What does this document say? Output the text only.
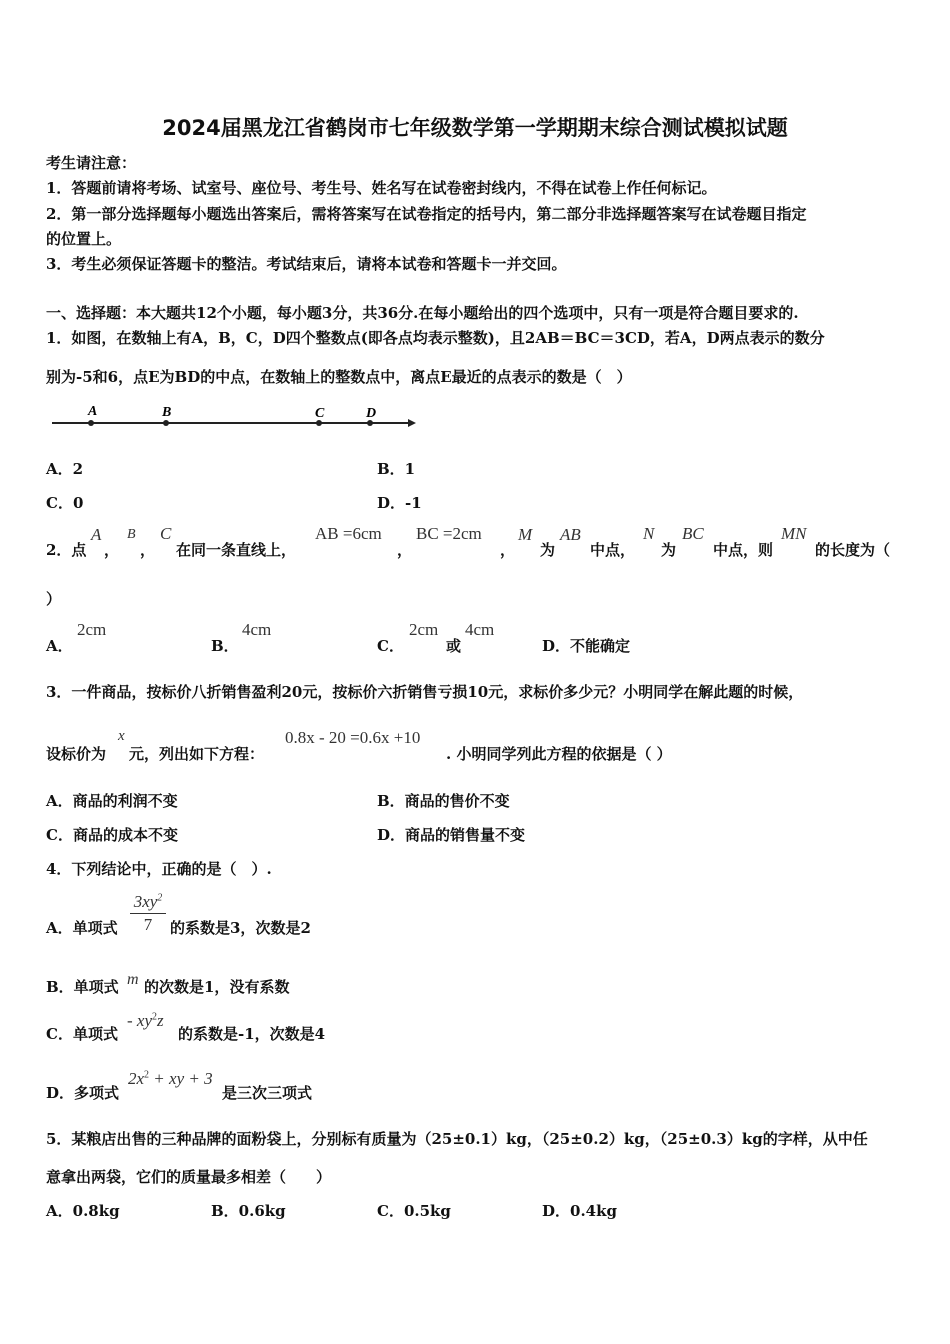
2024届黑龙江省鹤岗市七年级数学第一学期期末综合测试模拟试题
考生请注意：
1．答题前请将考场、试室号、座位号、考生号、姓名写在试卷密封线内，不得在试卷上作任何标记。
2．第一部分选择题每小题选出答案后，需将答案写在试卷指定的括号内，第二部分非选择题答案写在试卷题目指定
的位置上。
3．考生必须保证答题卡的整洁。考试结束后，请将本试卷和答题卡一并交回。
一、选择题：本大题共12个小题，每小题3分，共36分.在每小题给出的四个选项中，只有一项是符合题目要求的.
1．如图，在数轴上有A，B，C，D四个整数点(即各点均表示整数)，且2AB＝BC＝3CD，若A，D两点表示的数分
别为-5和6，点E为BD的中点，在数轴上的整数点中，离点E最近的点表示的数是（　）
A	B	C	D
A．2	B．1
C．0	D．-1
2．点
A
，
B
，
C
在同一条直线上，
AB =6cm
，
BC =2cm
，
M
为
AB
中点，
N
为
BC
中点，则
MN
的长度为（
）
A．
2cm
B．
4cm
C．
2cm
或
4cm
D．不能确定
3．一件商品，按标价八折销售盈利20元，按标价六折销售亏损10元，求标价多少元？小明同学在解此题的时候，
设标价为
x
元，列出如下方程：
0.8x - 20 =0.6x +10
. 小明同学列此方程的依据是（ ）
A．商品的利润不变	B．商品的售价不变
C．商品的成本不变	D．商品的销售量不变
4．下列结论中，正确的是（　）.
A．单项式
$3xy^2$
7	的系数是3，次数是2
B．单项式 m 的次数是1，没有系数
C．单项式
- $xy^2z$
的系数是-1，次数是4
D．多项式
$2x^2$ + xy + 3
是三次三项式
5．某粮店出售的三种品牌的面粉袋上，分别标有质量为（25±0.1）kg，（25±0.2）kg，（25±0.3）kg的字样，从中任
意拿出两袋，它们的质量最多相差（　　）
A．0.8kg	B．0.6kg	C．0.5kg	D．0.4kg
